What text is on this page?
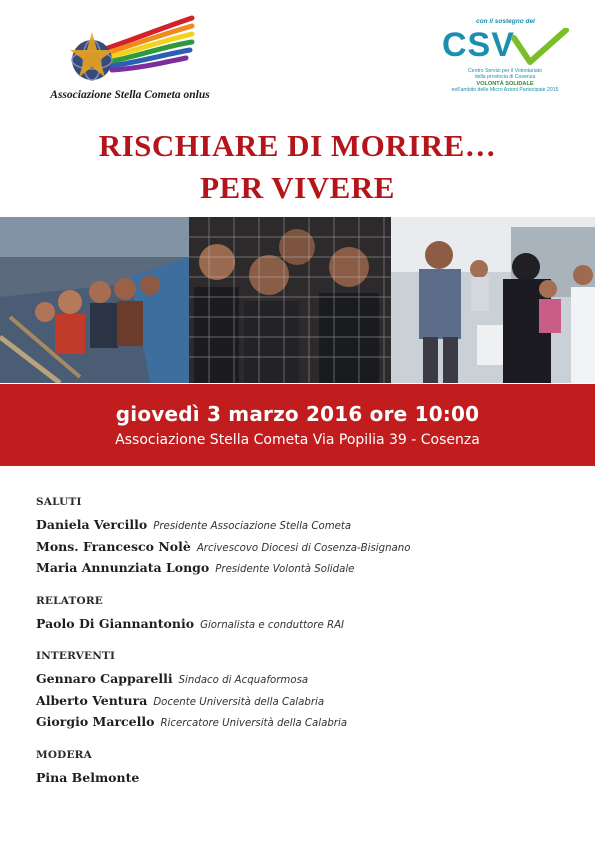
Associazione Stella Cometa onlus
con il sostegno del
CSV
Centro Servizi per il Volontariato
della provincia di Cosenza
VOLONTÀ SOLIDALE
nell'ambito delle Micro Azioni Partecipate 2015
RISCHIARE DI MORIRE…
PER VIVERE
giovedì 3 marzo 2016 ore 10:00
Associazione Stella Cometa Via Popilia 39 - Cosenza
SALUTI
Daniela Vercillo Presidente Associazione Stella Cometa
Mons. Francesco Nolè Arcivescovo Diocesi di Cosenza-Bisignano
Maria Annunziata Longo Presidente Volontà Solidale
RELATORE
Paolo Di Giannantonio Giornalista e conduttore RAI
INTERVENTI
Gennaro Capparelli Sindaco di Acquaformosa
Alberto Ventura Docente Università della Calabria
Giorgio Marcello Ricercatore Università della Calabria
MODERA
Pina Belmonte
